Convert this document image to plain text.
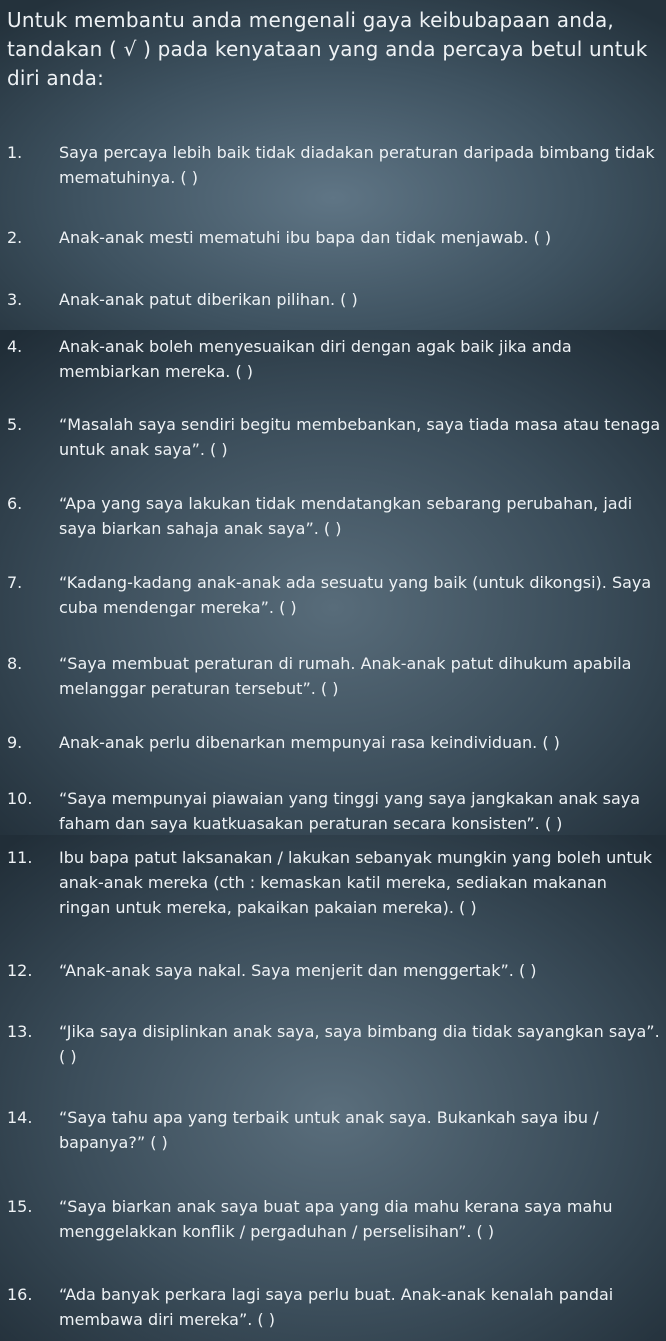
Untuk membantu anda mengenali gaya keibubapaan anda, tandakan ( √ ) pada kenyataan yang anda percaya betul untuk diri anda:
1. Saya percaya lebih baik tidak diadakan peraturan daripada bimbang tidak mematuhinya. ( )
2. Anak-anak mesti mematuhi ibu bapa dan tidak menjawab. ( )
3. Anak-anak patut diberikan pilihan. ( )
4. Anak-anak boleh menyesuaikan diri dengan agak baik jika anda membiarkan mereka. ( )
5. “Masalah saya sendiri begitu membebankan, saya tiada masa atau tenaga untuk anak saya”. ( )
6. “Apa yang saya lakukan tidak mendatangkan sebarang perubahan, jadi saya biarkan sahaja anak saya”. ( )
7. “Kadang-kadang anak-anak ada sesuatu yang baik (untuk dikongsi). Saya cuba mendengar mereka”. ( )
8. “Saya membuat peraturan di rumah. Anak-anak patut dihukum apabila melanggar peraturan tersebut”. ( )
9. Anak-anak perlu dibenarkan mempunyai rasa keindividuan. ( )
10. “Saya mempunyai piawaian yang tinggi yang saya jangkakan anak saya faham dan saya kuatkuasakan peraturan secara konsisten”. ( )
11. Ibu bapa patut laksanakan / lakukan sebanyak mungkin yang boleh untuk anak-anak mereka (cth : kemaskan katil mereka, sediakan makanan ringan untuk mereka, pakaikan pakaian mereka). ( )
12. “Anak-anak saya nakal. Saya menjerit dan menggertak”. ( )
13. “Jika saya disiplinkan anak saya, saya bimbang dia tidak sayangkan saya”. ( )
14. “Saya tahu apa yang terbaik untuk anak saya. Bukankah saya ibu / bapanya?” ( )
15. “Saya biarkan anak saya buat apa yang dia mahu kerana saya mahu menggelakkan konflik / pergaduhan / perselisihan”. ( )
16. “Ada banyak perkara lagi saya perlu buat. Anak-anak kenalah pandai membawa diri mereka”. ( )
